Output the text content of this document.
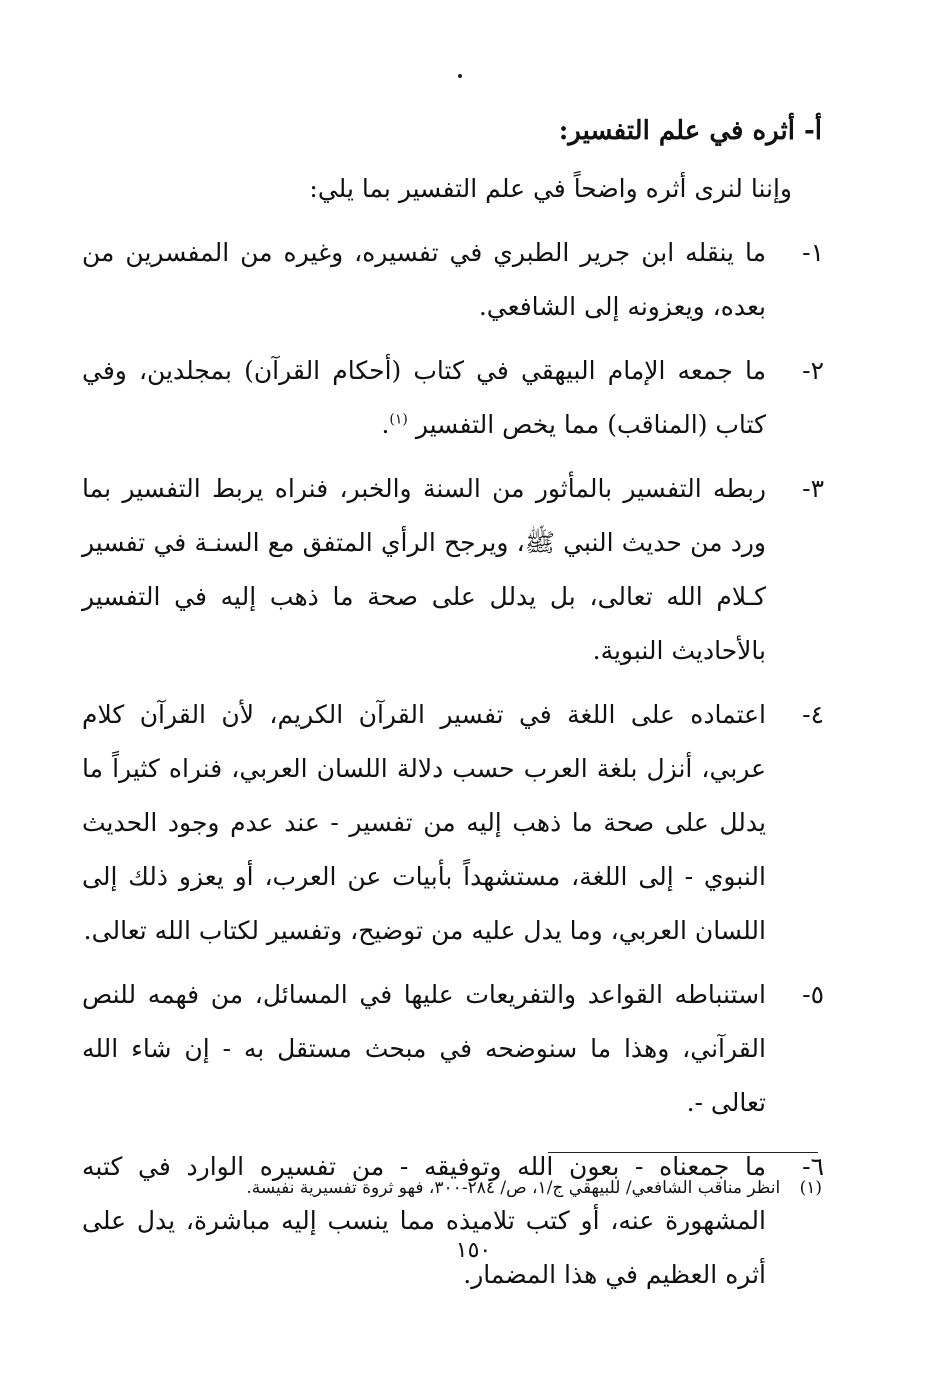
أ- أثره في علم التفسير:
وإننا لنرى أثره واضحاً في علم التفسير بما يلي:
١-
ما ينقله ابن جرير الطبري في تفسيره، وغيره من المفسرين من بعده، ويعزونه إلى الشافعي.
٢-
ما جمعه الإمام البيهقي في كتاب (أحكام القرآن) بمجلدين، وفي كتاب (المناقب) مما يخص التفسير $^{(١)}$.
٣-
ربطه التفسير بالمأثور من السنة والخبر، فنراه يربط التفسير بما ورد من حديث النبي ﷺ، ويرجح الرأي المتفق مع السنـة في تفسير كـلام الله تعالى، بل يدلل على صحة ما ذهب إليه في التفسير بالأحاديث النبوية.
٤-
اعتماده على اللغة في تفسير القرآن الكريم، لأن القرآن كلام عربي، أنزل بلغة العرب حسب دلالة اللسان العربي، فنراه كثيراً ما يدلل على صحة ما ذهب إليه من تفسير - عند عدم وجود الحديث النبوي - إلى اللغة، مستشهداً بأبيات عن العرب، أو يعزو ذلك إلى اللسان العربي، وما يدل عليه من توضيح، وتفسير لكتاب الله تعالى.
٥-
استنباطه القواعد والتفريعات عليها في المسائل، من فهمه للنص القرآني، وهذا ما سنوضحه في مبحث مستقل به - إن شاء الله تعالى -.
٦-
ما جمعناه - بعون الله وتوفيقه - من تفسيره الوارد في كتبه المشهورة عنه، أو كتب تلاميذه مما ينسب إليه مباشرة، يدل على أثره العظيم في هذا المضمار.
(١) انظر مناقب الشافعي/ للبيهقي ج/١، ص/ ٢٨٤-٣٠٠، فهو ثروة تفسيرية نفيسة.
١٥٠
